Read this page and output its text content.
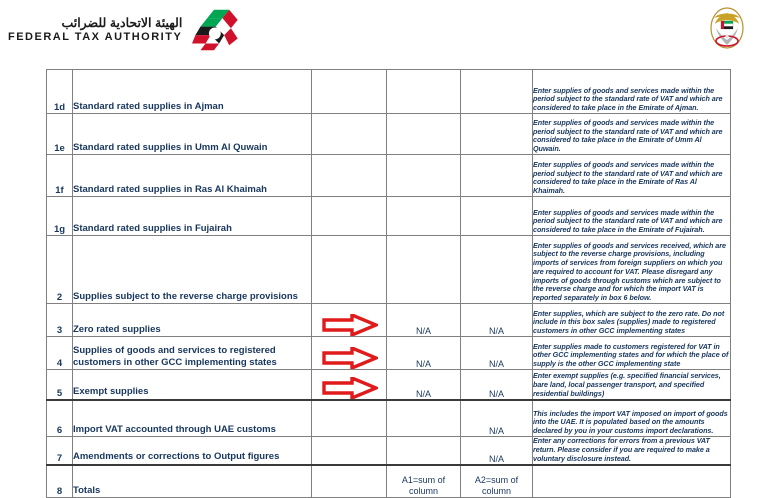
الهيئة الاتحادية للضرائب
FEDERAL TAX AUTHORITY
1d	Standard rated supplies in Ajman				Enter supplies of goods and services made within the period subject to the standard rate of VAT and which are considered to take place in the Emirate of Ajman.
1e	Standard rated supplies in Umm Al Quwain				Enter supplies of goods and services made within the period subject to the standard rate of VAT and which are considered to take place in the Emirate of Umm Al Quwain.
1f	Standard rated supplies in Ras Al Khaimah				Enter supplies of goods and services made within the period subject to the standard rate of VAT and which are considered to take place in the Emirate of Ras Al Khaimah.
1g	Standard rated supplies in Fujairah				Enter supplies of goods and services made within the period subject to the standard rate of VAT and which are considered to take place in the Emirate of Fujairah.
2	Supplies subject to the reverse charge provisions				Enter supplies of goods and services received, which are subject to the reverse charge provisions, including imports of services from foreign suppliers on which you are required to account for VAT. Please disregard any imports of goods through customs which are subject to the reverse charge and for which the import VAT is reported separately in box 6 below.
3	Zero rated supplies		N/A	N/A	Enter supplies, which are subject to the zero rate. Do not include in this box sales (supplies) made to registered customers in other GCC implementing states
4	Supplies of goods and services to registered customers in other GCC implementing states		N/A	N/A	Enter supplies made to customers registered for VAT in other GCC implementing states and for which the place of supply is the other GCC implementing state
5	Exempt supplies		N/A	N/A	Enter exempt supplies (e.g. specified financial services, bare land, local passenger transport, and specified residential buildings)
6	Import VAT accounted through UAE customs			N/A	This includes the import VAT imposed on import of goods into the UAE. It is populated based on the amounts declared by you in your customs import declarations.
7	Amendments or corrections to Output figures			N/A	Enter any corrections for errors from a previous VAT return. Please consider if you are required to make a voluntary disclosure instead.
8	Totals		A1=sum of column	A2=sum of column	
